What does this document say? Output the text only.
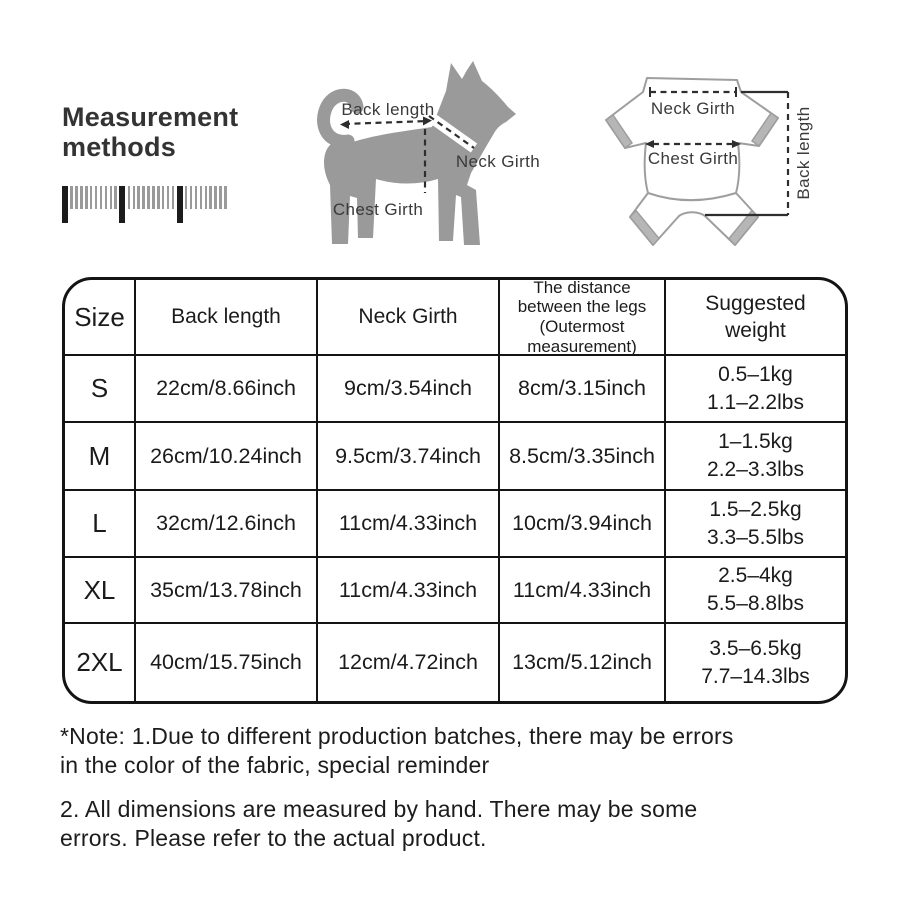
Measurement
methods
Back length
Neck Girth
Chest Girth
Neck Girth
Chest Girth	Back length
Size Back length	Neck Girth
The distance
between the legs
(Outermost
measurement)
Suggested
weight
S 22cm/8.66inch 9cm/3.54inch 8cm/3.15inch
0.5–1kg
1.1–2.2lbs
M 26cm/10.24inch 9.5cm/3.74inch 8.5cm/3.35inch
1–1.5kg
2.2–3.3lbs
L 32cm/12.6inch 11cm/4.33inch 10cm/3.94inch
1.5–2.5kg
3.3–5.5lbs
XL 35cm/13.78inch 11cm/4.33inch 11cm/4.33inch
2.5–4kg
5.5–8.8lbs
2XL 40cm/15.75inch 12cm/4.72inch 13cm/5.12inch
3.5–6.5kg
7.7–14.3lbs

*Note: 1.Due to different production batches, there may be errors
in the color of the fabric, special reminder

2. All dimensions are measured by hand. There may be some
errors. Please refer to the actual product.
